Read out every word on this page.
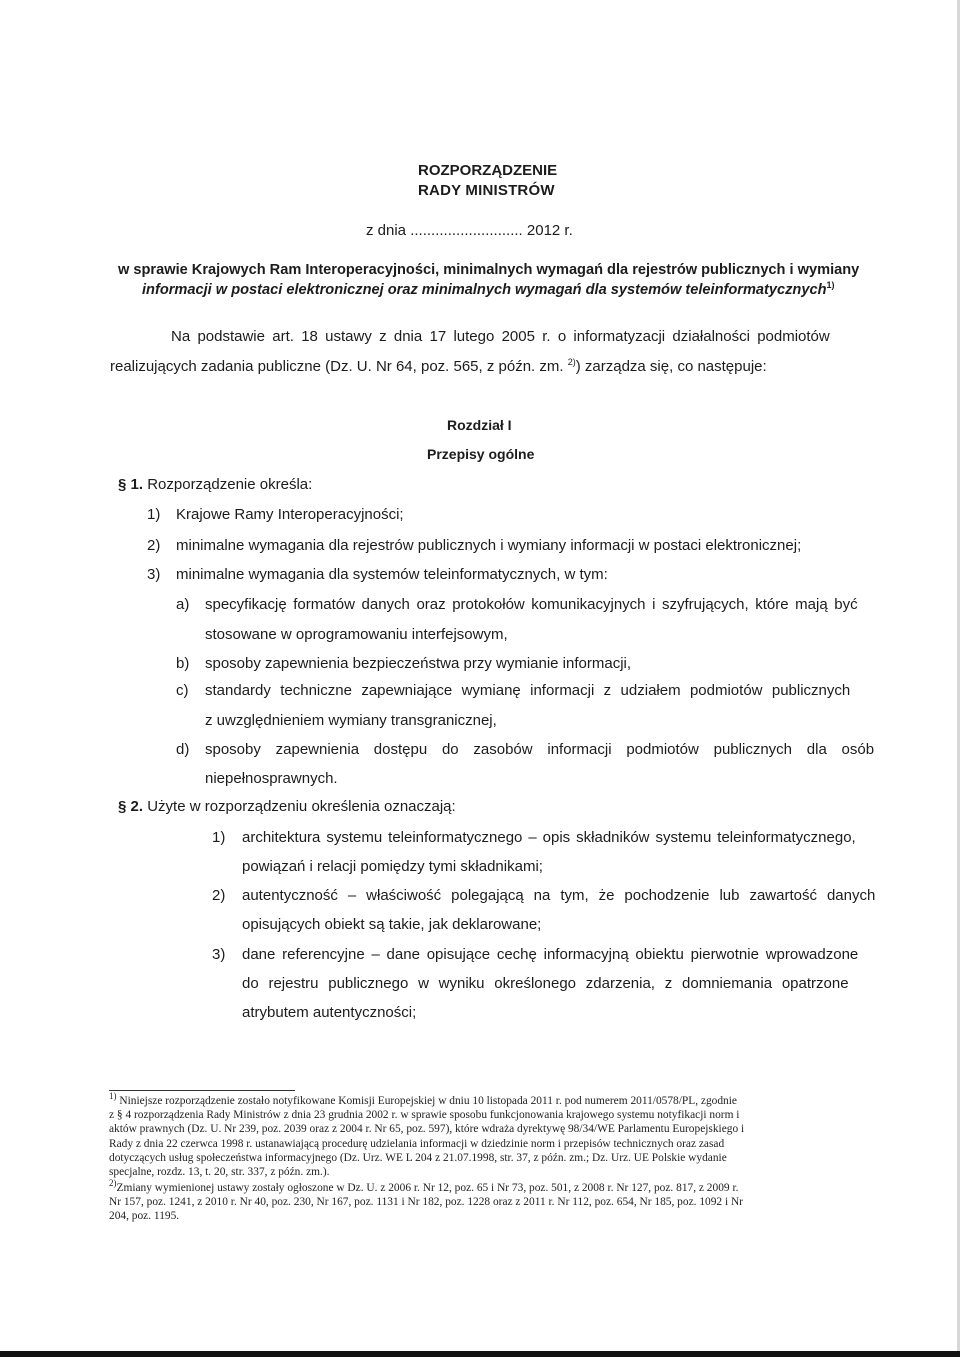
ROZPORZĄDZENIE
RADY MINISTRÓW
z dnia ........................... 2012 r.
w sprawie Krajowych Ram Interoperacyjności, minimalnych wymagań dla rejestrów publicznych i wymiany
informacji w postaci elektronicznej oraz minimalnych wymagań dla systemów teleinformatycznych$^{1)}$
Na podstawie art. 18 ustawy z dnia 17 lutego 2005 r. o informatyzacji działalności podmiotów
realizujących zadania publiczne (Dz. U. Nr 64, poz. 565, z późn. zm. $^{2)}$) zarządza się, co następuje:
Rozdział I
Przepisy ogólne
§ 1. Rozporządzenie określa:
1) Krajowe Ramy Interoperacyjności;
2) minimalne wymagania dla rejestrów publicznych i wymiany informacji w postaci elektronicznej;
3) minimalne wymagania dla systemów teleinformatycznych, w tym:
a) specyfikację formatów danych oraz protokołów komunikacyjnych i szyfrujących, które mają być
stosowane w oprogramowaniu interfejsowym,
b) sposoby zapewnienia bezpieczeństwa przy wymianie informacji,
c) standardy techniczne zapewniające wymianę informacji z udziałem podmiotów publicznych
z uwzględnieniem wymiany transgranicznej,
d) sposoby zapewnienia dostępu do zasobów informacji podmiotów publicznych dla osób
niepełnosprawnych.
§ 2. Użyte w rozporządzeniu określenia oznaczają:
1) architektura systemu teleinformatycznego – opis składników systemu teleinformatycznego,
powiązań i relacji pomiędzy tymi składnikami;
2) autentyczność – właściwość polegającą na tym, że pochodzenie lub zawartość danych
opisujących obiekt są takie, jak deklarowane;
3) dane referencyjne – dane opisujące cechę informacyjną obiektu pierwotnie wprowadzone
do rejestru publicznego w wyniku określonego zdarzenia, z domniemania opatrzone
atrybutem autentyczności;
$^{1)}$ Niniejsze rozporządzenie zostało notyfikowane Komisji Europejskiej w dniu 10 listopada 2011 r. pod numerem 2011/0578/PL, zgodnie
z § 4 rozporządzenia Rady Ministrów z dnia 23 grudnia 2002 r. w sprawie sposobu funkcjonowania krajowego systemu notyfikacji norm i
aktów prawnych (Dz. U. Nr 239, poz. 2039 oraz z 2004 r. Nr 65, poz. 597), które wdraża dyrektywę 98/34/WE Parlamentu Europejskiego i
Rady z dnia 22 czerwca 1998 r. ustanawiającą procedurę udzielania informacji w dziedzinie norm i przepisów technicznych oraz zasad
dotyczących usług społeczeństwa informacyjnego (Dz. Urz. WE L 204 z 21.07.1998, str. 37, z późn. zm.; Dz. Urz. UE Polskie wydanie
specjalne, rozdz. 13, t. 20, str. 337, z późn. zm.).
$^{2)}$Zmiany wymienionej ustawy zostały ogłoszone w Dz. U. z 2006 r. Nr 12, poz. 65 i Nr 73, poz. 501, z 2008 r. Nr 127, poz. 817, z 2009 r.
Nr 157, poz. 1241, z 2010 r. Nr 40, poz. 230, Nr 167, poz. 1131 i Nr 182, poz. 1228 oraz z 2011 r. Nr 112, poz. 654, Nr 185, poz. 1092 i Nr
204, poz. 1195.
